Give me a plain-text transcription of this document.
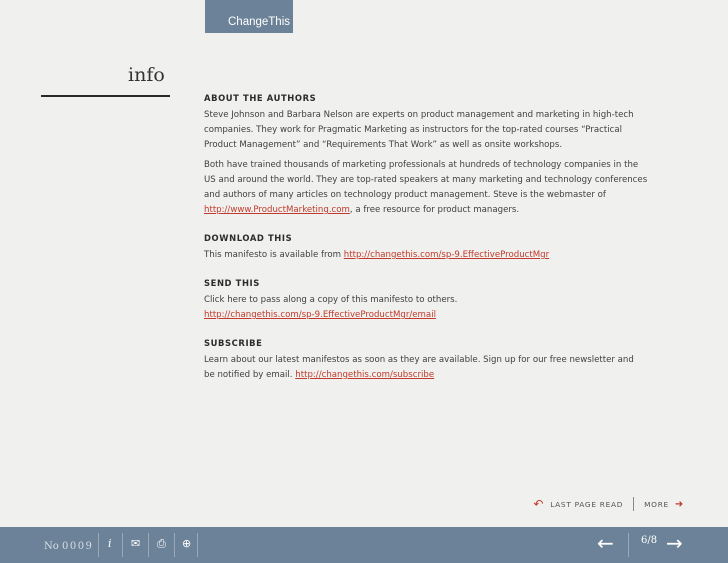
ChangeThis
info
ABOUT THE AUTHORS

Steve Johnson and Barbara Nelson are experts on product management and marketing in high-tech
companies. They work for Pragmatic Marketing as instructors for the top-rated courses “Practical
Product Management” and “Requirements That Work” as well as onsite workshops.

Both have trained thousands of marketing professionals at hundreds of technology companies in the
US and around the world. They are top-rated speakers at many marketing and technology conferences
and authors of many articles on technology product management. Steve is the webmaster of
http://www.ProductMarketing.com, a free resource for product managers.

DOWNLOAD THIS
This manifesto is available from http://changethis.com/sp-9.EffectiveProductMgr
SEND THIS
Click here to pass along a copy of this manifesto to others.
http://changethis.com/sp-9.EffectiveProductMgr/email
SUBSCRIBE
Learn about our latest manifestos as soon as they are available. Sign up for our free newsletter and
be notified by email. http://changethis.com/subscribe
↶ LAST PAGE READ	MORE ➜
No 0009 i ✉ ⎙ ⊕	←	6/8 →
